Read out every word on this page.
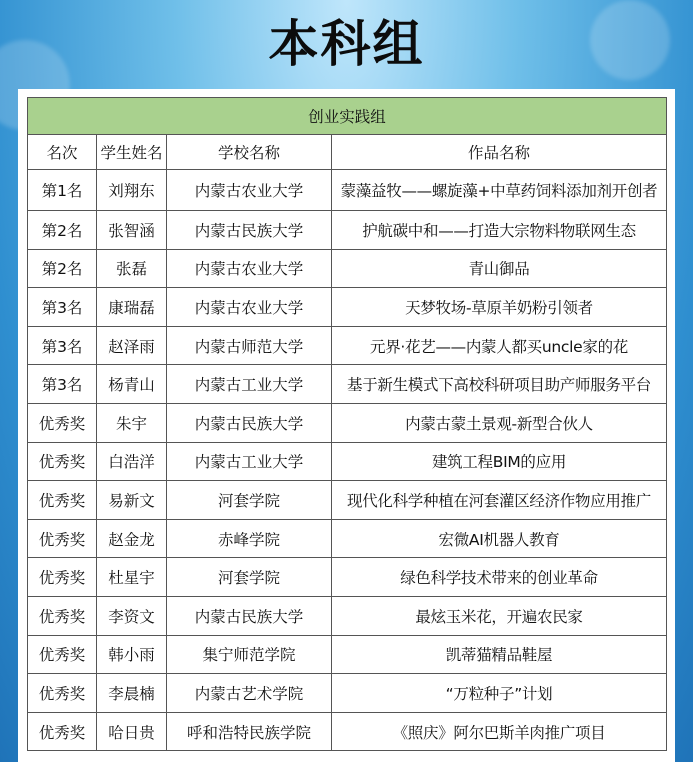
本科组
创业实践组			
名次	学生姓名	学校名称	作品名称
第1名	刘翔东	内蒙古农业大学	蒙藻益牧——螺旋藻+中草药饲料添加剂开创者
第2名	张智涵	内蒙古民族大学	护航碳中和——打造大宗物料物联网生态
第2名	张磊	内蒙古农业大学	青山御品
第3名	康瑞磊	内蒙古农业大学	天梦牧场-草原羊奶粉引领者
第3名	赵泽雨	内蒙古师范大学	元界·花艺——内蒙人都买uncle家的花
第3名	杨青山	内蒙古工业大学	基于新生模式下高校科研项目助产师服务平台
优秀奖	朱宇	内蒙古民族大学	内蒙古蒙土景观-新型合伙人
优秀奖	白浩洋	内蒙古工业大学	建筑工程BIM的应用
优秀奖	易新文	河套学院	现代化科学种植在河套灌区经济作物应用推广
优秀奖	赵金龙	赤峰学院	宏微AI机器人教育
优秀奖	杜星宇	河套学院	绿色科学技术带来的创业革命
优秀奖	李资文	内蒙古民族大学	最炫玉米花，开遍农民家
优秀奖	韩小雨	集宁师范学院	凯蒂猫精品鞋屋
优秀奖	李晨楠	内蒙古艺术学院	“万粒种子”计划
优秀奖	哈日贵	呼和浩特民族学院	《照庆》阿尔巴斯羊肉推广项目
